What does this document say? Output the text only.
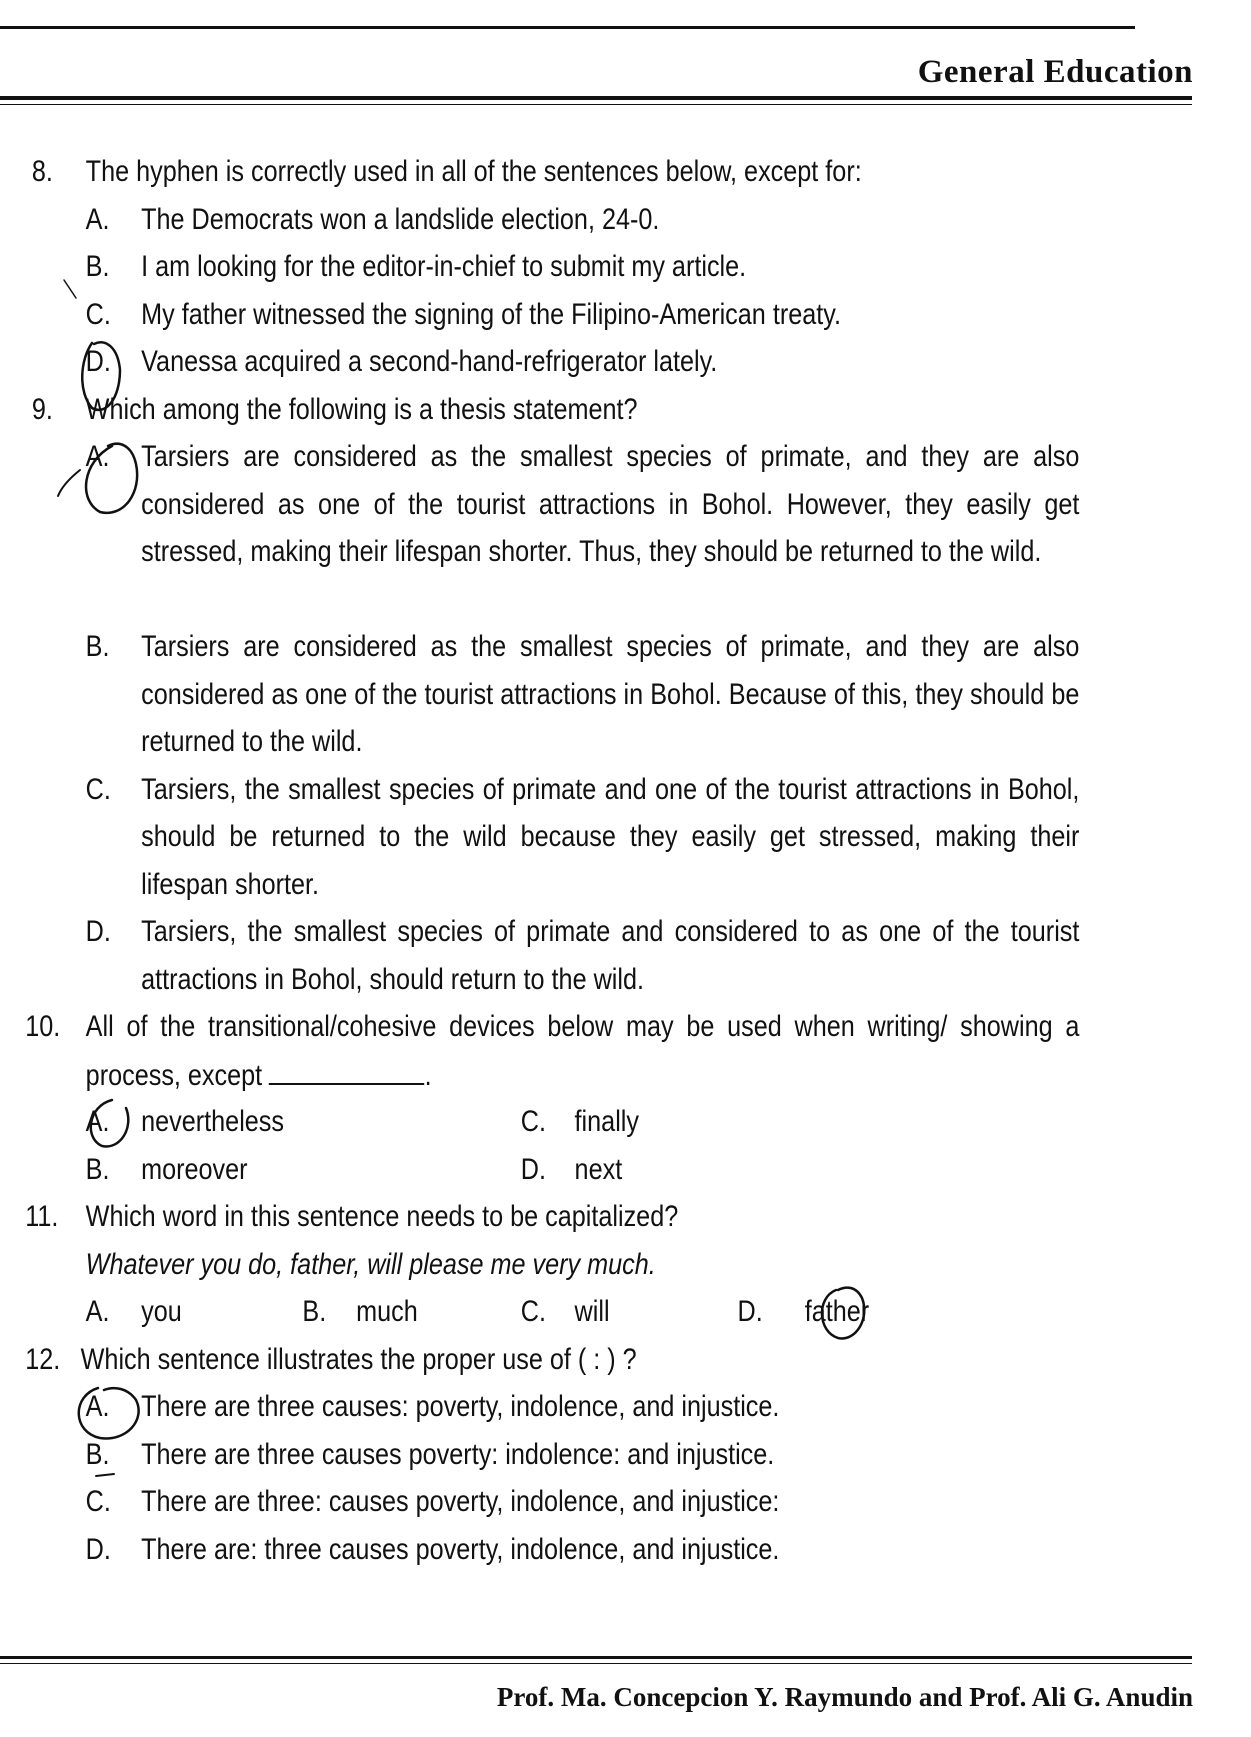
General Education
8. The hyphen is correctly used in all of the sentences below, except for:
A. The Democrats won a landslide election, 24-0.
B. I am looking for the editor-in-chief to submit my article.
C. My father witnessed the signing of the Filipino-American treaty.
D. Vanessa acquired a second-hand-refrigerator lately.
9. Which among the following is a thesis statement?
A. Tarsiers are considered as the smallest species of primate, and they are also considered as one of the tourist attractions in Bohol. However, they easily get stressed, making their lifespan shorter. Thus, they should be returned to the wild.
B. Tarsiers are considered as the smallest species of primate, and they are also considered as one of the tourist attractions in Bohol. Because of this, they should be returned to the wild.
C. Tarsiers, the smallest species of primate and one of the tourist attractions in Bohol, should be returned to the wild because they easily get stressed, making their lifespan shorter.
D. Tarsiers, the smallest species of primate and considered to as one of the tourist attractions in Bohol, should return to the wild.
10. All of the transitional/cohesive devices below may be used when writing/ showing a process, except	.
A. nevertheless	C. finally
B. moreover	D. next
11. Which word in this sentence needs to be capitalized?
Whatever you do, father, will please me very much.
A. you	B. much	C. will	D. father
12. Which sentence illustrates the proper use of ( : ) ?
A. There are three causes: poverty, indolence, and injustice.
B. There are three causes poverty: indolence: and injustice.
C. There are three: causes poverty, indolence, and injustice:
D. There are: three causes poverty, indolence, and injustice.
Prof. Ma. Concepcion Y. Raymundo and Prof. Ali G. Anudin
